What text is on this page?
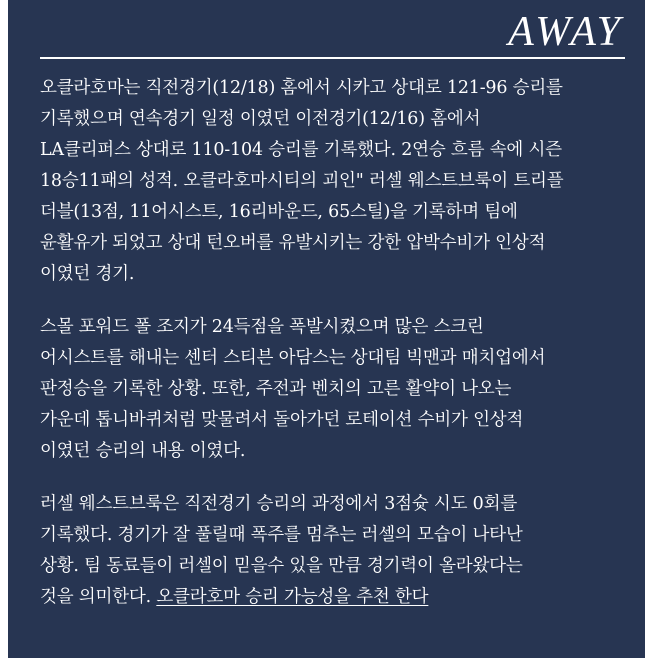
AWAY

오클라호마는 직전경기(12/18) 홈에서 시카고 상대로 121-96 승리를
기록했으며 연속경기 일정 이였던 이전경기(12/16) 홈에서
LA클리퍼스 상대로 110-104 승리를 기록했다. 2연승 흐름 속에 시즌
18승11패의 성적. 오클라호마시티의 괴인" 러셀 웨스트브룩이 트리플
더블(13점, 11어시스트, 16리바운드, 65스틸)을 기록하며 팀에
윤활유가 되었고 상대 턴오버를 유발시키는 강한 압박수비가 인상적
이였던 경기.

스몰 포워드 폴 조지가 24득점을 폭발시켰으며 많은 스크린
어시스트를 해내는 센터 스티븐 아담스는 상대팀 빅맨과 매치업에서
판정승을 기록한 상황. 또한, 주전과 벤치의 고른 활약이 나오는
가운데 톱니바퀴처럼 맞물려서 돌아가던 로테이션 수비가 인상적
이였던 승리의 내용 이였다.

러셀 웨스트브룩은 직전경기 승리의 과정에서 3점슛 시도 0회를
기록했다. 경기가 잘 풀릴때 폭주를 멈추는 러셀의 모습이 나타난
상황. 팀 동료들이 러셀이 믿을수 있을 만큼 경기력이 올라왔다는
것을 의미한다. 오클라호마 승리 가능성을 추천 한다
